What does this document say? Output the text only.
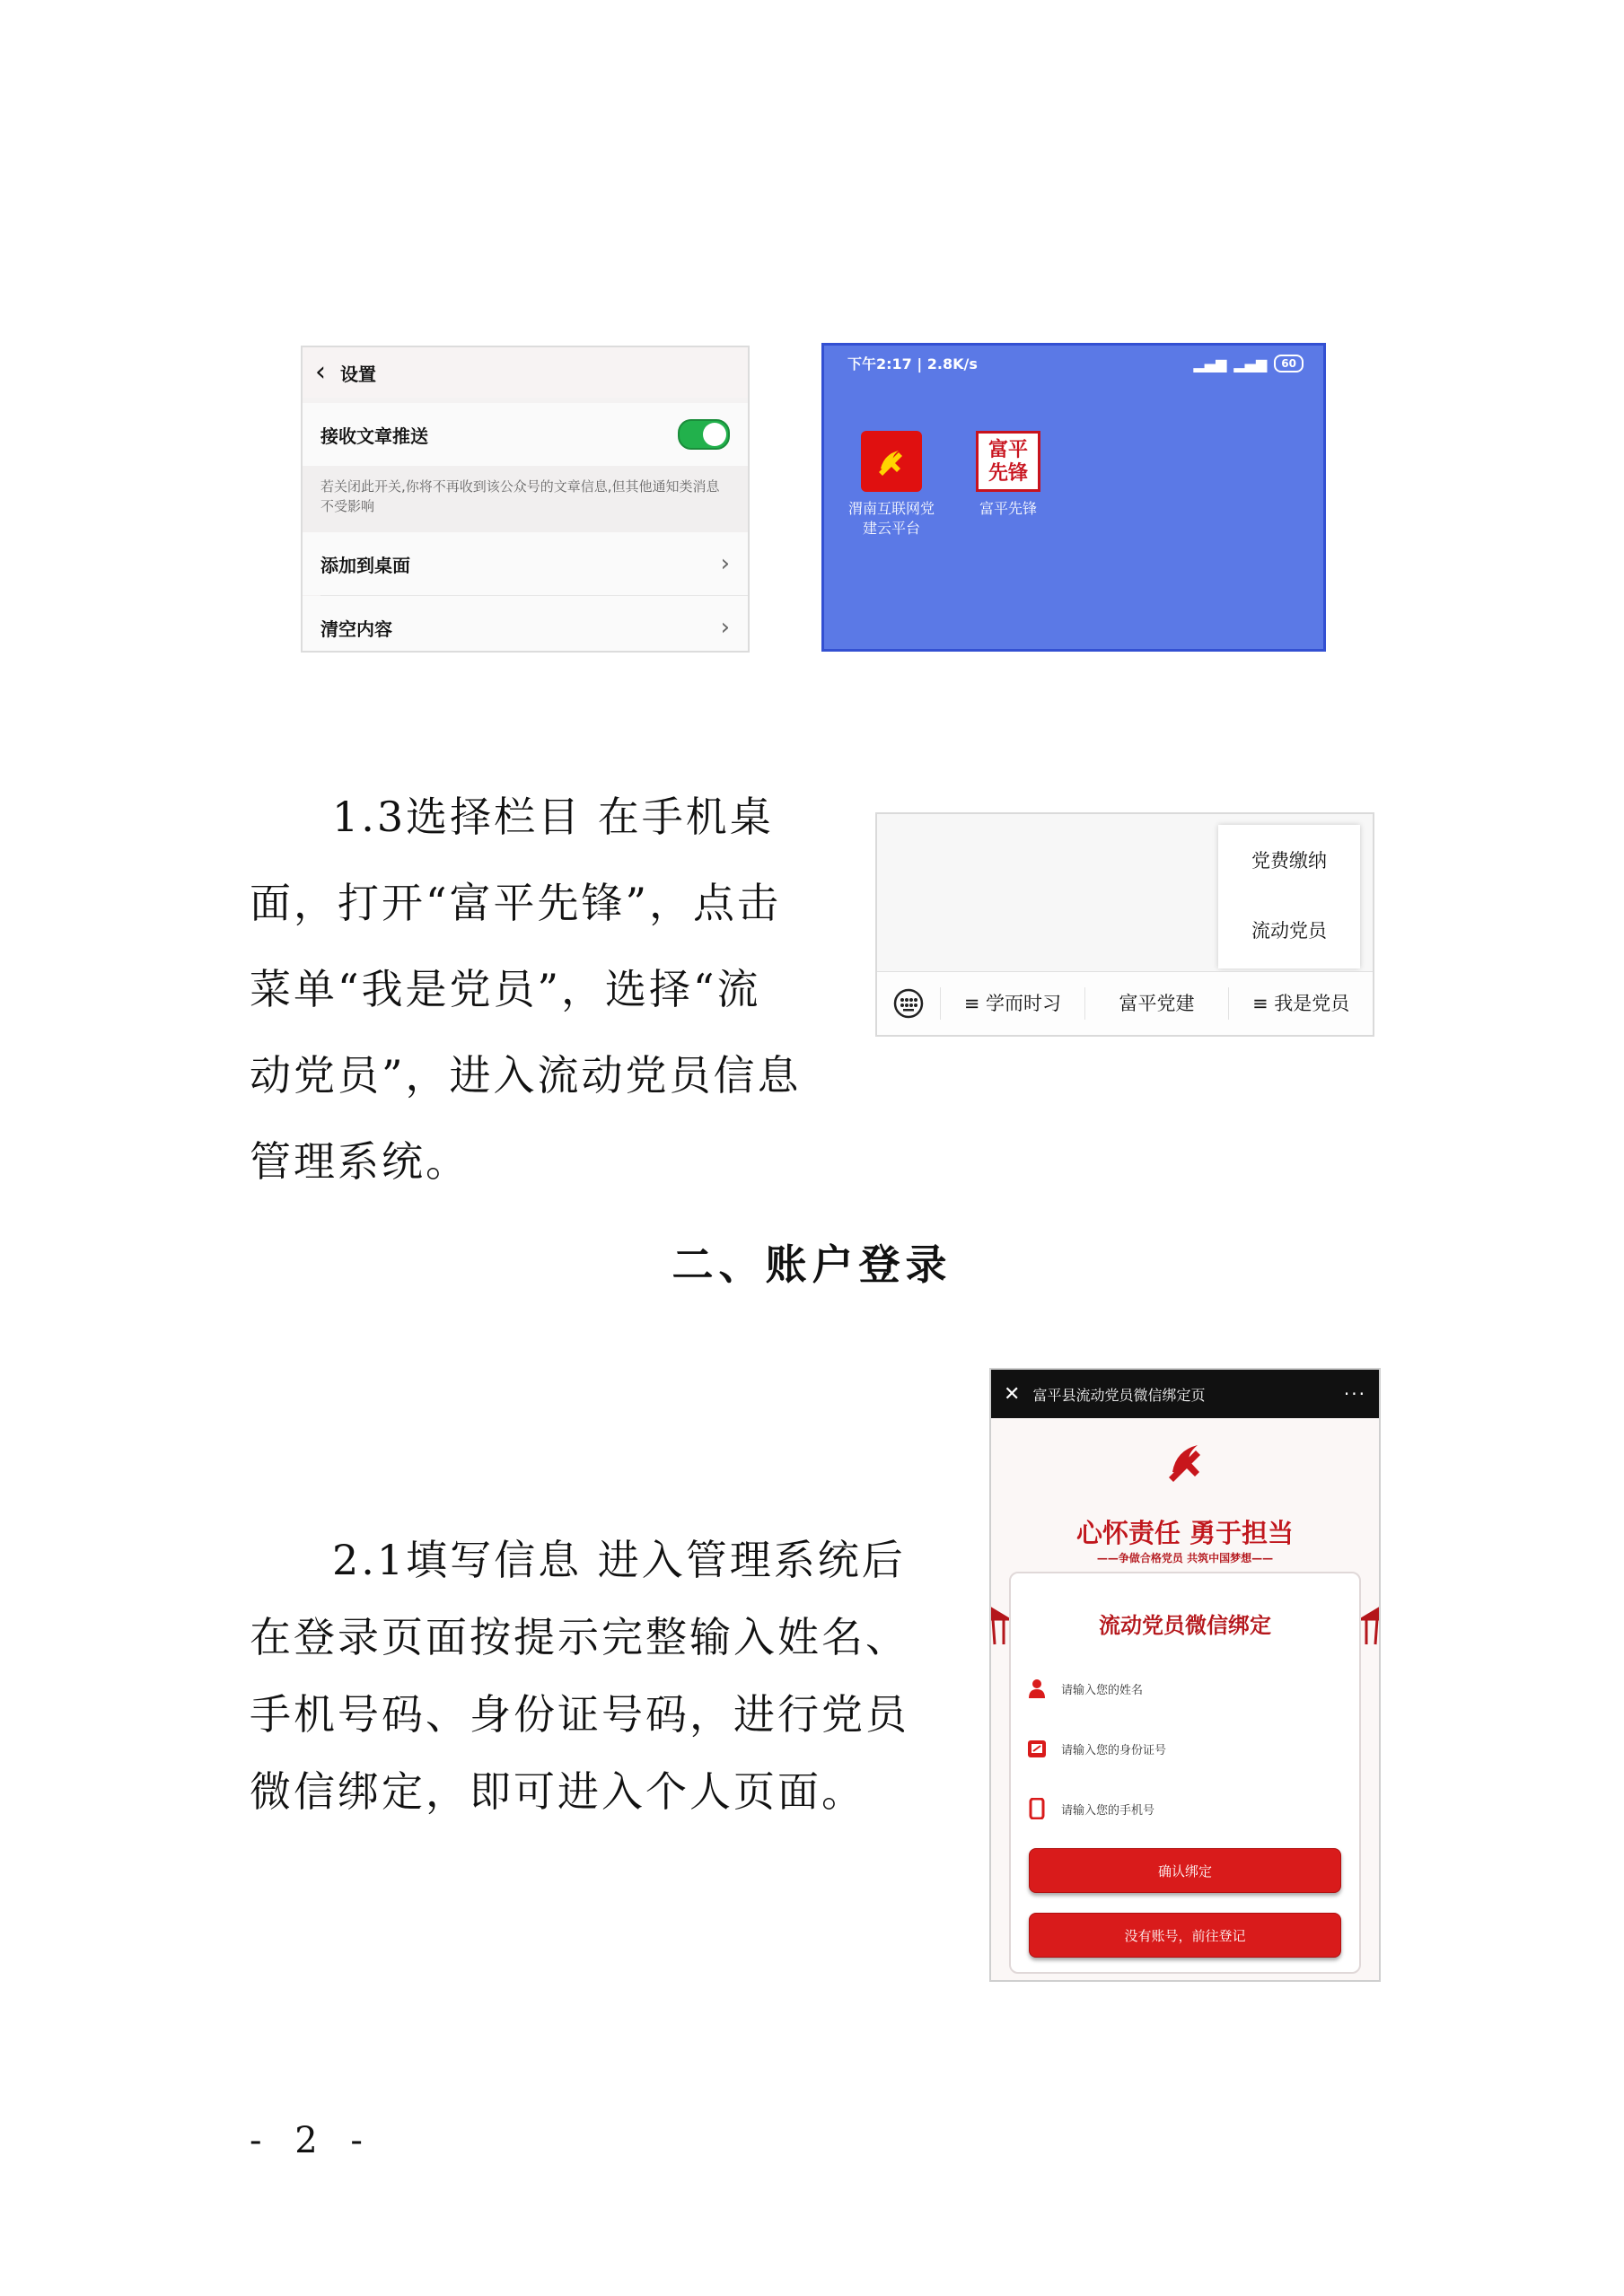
‹ 设置
接收文章推送
若关闭此开关,你将不再收到该公众号的文章信息,但其他通知类消息不受影响
添加到桌面	›
清空内容	›
下午2:17 | 2.8K/s	▂▄▆ ▂▄▆	60
渭南互联网党建云平台
富平先锋
富平先锋
1.3选择栏目 在手机桌
面，打开“富平先锋”，点击
菜单“我是党员”，选择“流
动党员”，进入流动党员信息
管理系统。
党费缴纳
流动党员
≡ 学而时习	富平党建	≡ 我是党员
二、账户登录
2.1填写信息 进入管理系统后
在登录页面按提示完整输入姓名、
手机号码、身份证号码，进行党员
微信绑定，即可进入个人页面。
✕ 富平县流动党员微信绑定页	···
心怀责任 勇于担当
——争做合格党员 共筑中国梦想——
流动党员微信绑定
请输入您的姓名
请输入您的身份证号
请输入您的手机号
确认绑定
没有账号，前往登记
- 2 -
